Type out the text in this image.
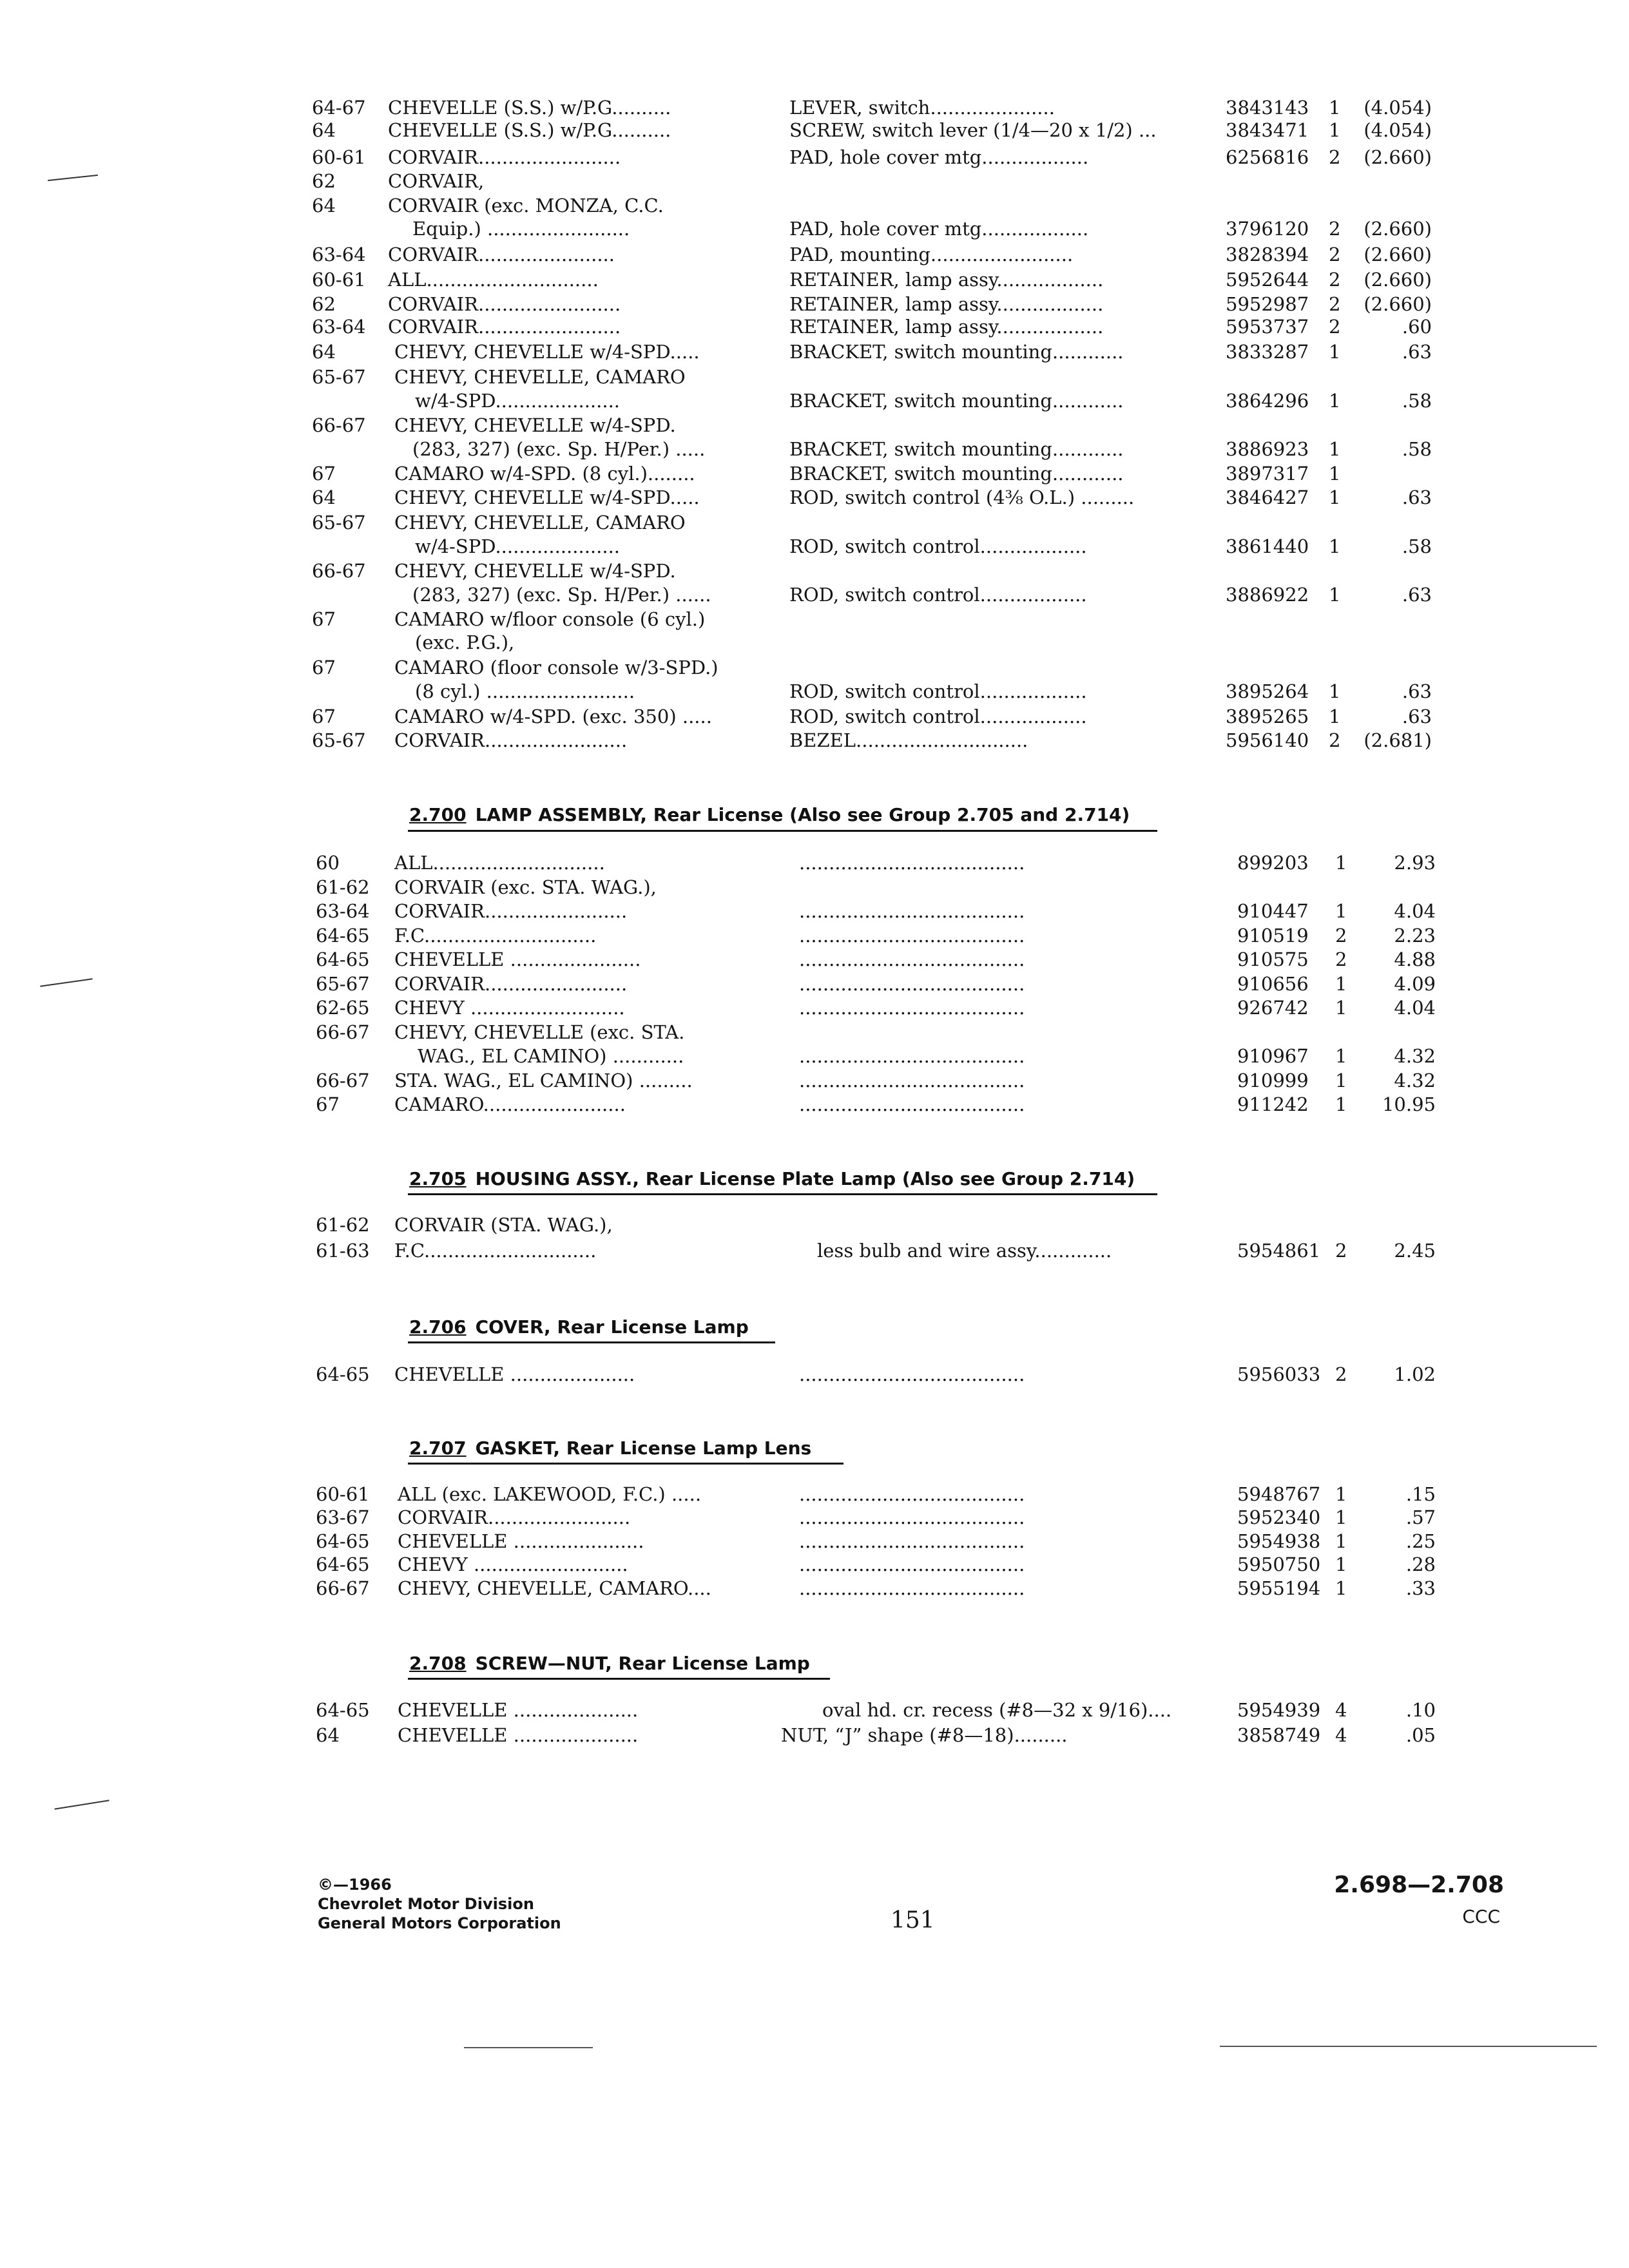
64-67 CHEVELLE (S.S.) w/P.G..........	LEVER, switch.....................	3843143 1 (4.054)
64	CHEVELLE (S.S.) w/P.G..........	SCREW, switch lever (1/4—20 x 1/2) ...	3843471 1 (4.054)
60-61 CORVAIR........................	PAD, hole cover mtg..................	6256816 2 (2.660)
62	CORVAIR,
64	CORVAIR (exc. MONZA, C.C.
Equip.) ........................	PAD, hole cover mtg..................	3796120 2 (2.660)
63-64 CORVAIR.......................	PAD, mounting........................	3828394 2 (2.660)
60-61 ALL.............................	RETAINER, lamp assy..................	5952644 2 (2.660)
62	CORVAIR........................	RETAINER, lamp assy..................	5952987 2 (2.660)
63-64 CORVAIR........................	RETAINER, lamp assy..................	5953737 2	.60
64	CHEVY, CHEVELLE w/4-SPD.....	BRACKET, switch mounting............	3833287 1	.63
65-67 CHEVY, CHEVELLE, CAMARO
w/4-SPD.....................	BRACKET, switch mounting............	3864296 1	.58
66-67 CHEVY, CHEVELLE w/4-SPD.
(283, 327) (exc. Sp. H/Per.) .....	BRACKET, switch mounting............	3886923 1	.58
67	CAMARO w/4-SPD. (8 cyl.)........	BRACKET, switch mounting............	3897317 1
64	CHEVY, CHEVELLE w/4-SPD.....	ROD, switch control (4⅜ O.L.) .........	3846427 1	.63
65-67 CHEVY, CHEVELLE, CAMARO
w/4-SPD.....................	ROD, switch control..................	3861440 1	.58
66-67 CHEVY, CHEVELLE w/4-SPD.
(283, 327) (exc. Sp. H/Per.) ......	ROD, switch control..................	3886922 1	.63
67	CAMARO w/floor console (6 cyl.)
(exc. P.G.),
67	CAMARO (floor console w/3-SPD.)
(8 cyl.) .........................	ROD, switch control..................	3895264 1	.63
67	CAMARO w/4-SPD. (exc. 350) .....	ROD, switch control..................	3895265 1	.63
65-67 CORVAIR........................	BEZEL.............................	5956140 2 (2.681)
2.700 LAMP ASSEMBLY, Rear License (Also see Group 2.705 and 2.714)
60	ALL.............................	......................................	899203 1	2.93
61-62 CORVAIR (exc. STA. WAG.),
63-64 CORVAIR........................	......................................	910447 1	4.04
64-65 F.C.............................	......................................	910519 2	2.23
64-65 CHEVELLE ......................	......................................	910575 2	4.88
65-67 CORVAIR........................	......................................	910656 1	4.09
62-65 CHEVY ..........................	......................................	926742 1	4.04
66-67 CHEVY, CHEVELLE (exc. STA.
WAG., EL CAMINO) ............	......................................	910967 1	4.32
66-67 STA. WAG., EL CAMINO) .........	......................................	910999 1	4.32
67	CAMARO........................	......................................	911242 1 10.95
2.705 HOUSING ASSY., Rear License Plate Lamp (Also see Group 2.714)
61-62 CORVAIR (STA. WAG.),
61-63 F.C.............................	less bulb and wire assy.............	5954861 2	2.45
2.706 COVER, Rear License Lamp
64-65 CHEVELLE .....................	......................................	5956033 2	1.02
2.707 GASKET, Rear License Lamp Lens
60-61 ALL (exc. LAKEWOOD, F.C.) .....	......................................	5948767 1	.15
63-67 CORVAIR........................	......................................	5952340 1	.57
64-65 CHEVELLE ......................	......................................	5954938 1	.25
64-65 CHEVY ..........................	......................................	5950750 1	.28
66-67 CHEVY, CHEVELLE, CAMARO....	......................................	5955194 1	.33
2.708 SCREW—NUT, Rear License Lamp
64-65 CHEVELLE .....................	oval hd. cr. recess (#8—32 x 9/16)....	5954939 4	.10
64	CHEVELLE .....................	NUT, “J” shape (#8—18).........	3858749 4	.05
©—1966
Chevrolet Motor Division
General Motors Corporation	151
2.698—2.708
CCC
